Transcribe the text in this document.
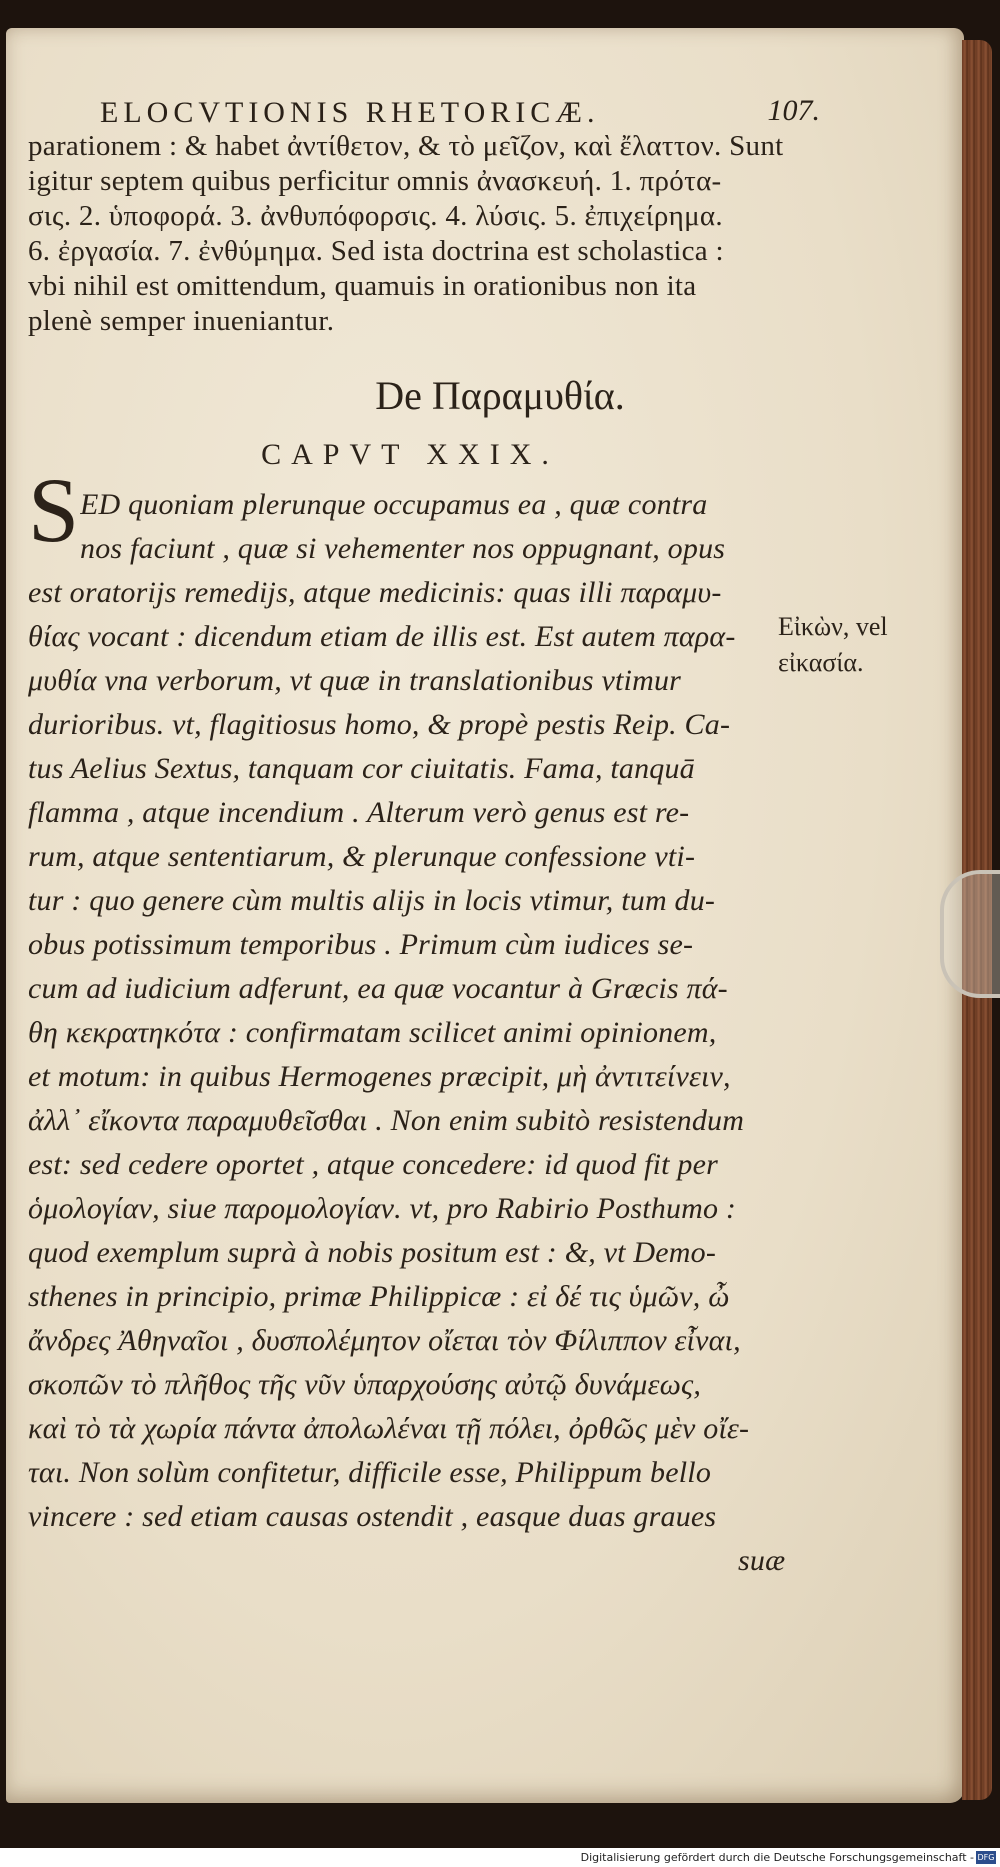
ELOCVTIONIS RHETORICÆ.	107.
parationem : & habet ἀντίθετον, & τὸ μεῖζον, καὶ ἔλαττον. Sunt
igitur septem quibus perficitur omnis ἀνασκευή. 1. πρότα-
σις. 2. ὑποφορά. 3. ἀνθυπόφορσις. 4. λύσις. 5. ἐπιχείρημα.
6. ἐργασία. 7. ἐνθύμημα. Sed ista doctrina est scholastica :
vbi nihil est omittendum, quamuis in orationibus non ita
plenè semper inueniantur.
De Παραμυθία.
CAPVT XXIX.
S ED quoniam plerunque occupamus ea , quæ contra
nos faciunt , quæ si vehementer nos oppugnant, opus
est oratorijs remedijs, atque medicinis: quas illi παραμυ-
θίας vocant : dicendum etiam de illis est. Est autem παρα-
μυθία vna verborum, vt quæ in translationibus vtimur
durioribus. vt, flagitiosus homo, & propè pestis Reip. Ca-
tus Aelius Sextus, tanquam cor ciuitatis. Fama, tanquā
flamma , atque incendium . Alterum verò genus est re-
rum, atque sententiarum, & plerunque confessione vti-
tur : quo genere cùm multis alijs in locis vtimur, tum du-
obus potissimum temporibus . Primum cùm iudices se-
cum ad iudicium adferunt, ea quæ vocantur à Græcis πά-
θη κεκρατηκότα : confirmatam scilicet animi opinionem,
et motum: in quibus Hermogenes præcipit, μὴ ἀντιτείνειν,
ἀλλ᾽ εἴκοντα παραμυθεῖσθαι . Non enim subitò resistendum
est: sed cedere oportet , atque concedere: id quod fit per
ὁμολογίαν, siue παρομολογίαν. vt, pro Rabirio Posthumo :
quod exemplum suprà à nobis positum est : &, vt Demo-
sthenes in principio, primæ Philippicæ : εἰ δέ τις ὑμῶν, ὦ
ἄνδρες Ἀθηναῖοι , δυσπολέμητον οἴεται τὸν Φίλιππον εἶναι,
σκοπῶν τὸ πλῆθος τῆς νῦν ὑπαρχούσης αὐτῷ δυνάμεως,
καὶ τὸ τὰ χωρία πάντα ἀπολωλέναι τῇ πόλει, ὀρθῶς μὲν οἴε-
ται. Non solùm confitetur, difficile esse, Philippum bello
vincere : sed etiam causas ostendit , easque duas graues
suæ
Εἰκὼν, vel
εἰκασία.
Digitalisierung gefördert durch die Deutsche Forschungsgemeinschaft - DFG
